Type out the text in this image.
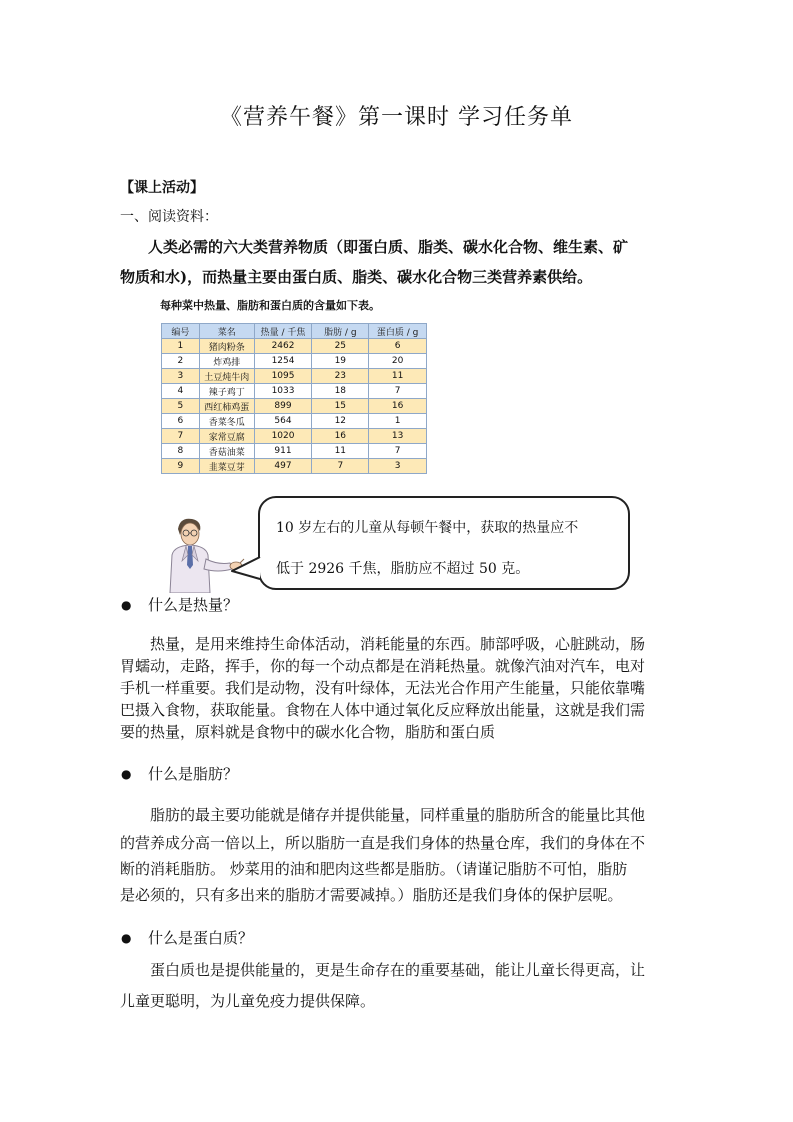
《营养午餐》第一课时 学习任务单
【课上活动】
一、阅读资料：
人类必需的六大类营养物质（即蛋白质、脂类、碳水化合物、维生素、矿
物质和水)，而热量主要由蛋白质、脂类、碳水化合物三类营养素供给。
每种菜中热量、脂肪和蛋白质的含量如下表。
编号	菜名	热量 / 千焦	脂肪 / g	蛋白质 / g
1	猪肉粉条	2462	25	6
2	炸鸡排	1254	19	20
3	土豆炖牛肉	1095	23	11
4	辣子鸡丁	1033	18	7
5	西红柿鸡蛋	899	15	16
6	香菜冬瓜	564	12	1
7	家常豆腐	1020	16	13
8	香菇油菜	911	11	7
9	韭菜豆芽	497	7	3
10 岁左右的儿童从每顿午餐中，获取的热量应不
低于 2926 千焦，脂肪应不超过 50 克。
● 什么是热量？
热量，是用来维持生命体活动，消耗能量的东西。肺部呼吸，心脏跳动，肠
胃蠕动，走路，挥手，你的每一个动点都是在消耗热量。就像汽油对汽车，电对
手机一样重要。我们是动物，没有叶绿体，无法光合作用产生能量，只能依靠嘴
巴摄入食物，获取能量。食物在人体中通过氧化反应释放出能量，这就是我们需
要的热量，原料就是食物中的碳水化合物，脂肪和蛋白质
● 什么是脂肪？
脂肪的最主要功能就是储存并提供能量，同样重量的脂肪所含的能量比其他
的营养成分高一倍以上，所以脂肪一直是我们身体的热量仓库，我们的身体在不
断的消耗脂肪。 炒菜用的油和肥肉这些都是脂肪。（请谨记脂肪不可怕，脂肪
是必须的，只有多出来的脂肪才需要减掉。）脂肪还是我们身体的保护层呢。
● 什么是蛋白质？
蛋白质也是提供能量的，更是生命存在的重要基础，能让儿童长得更高，让
儿童更聪明，为儿童免疫力提供保障。
